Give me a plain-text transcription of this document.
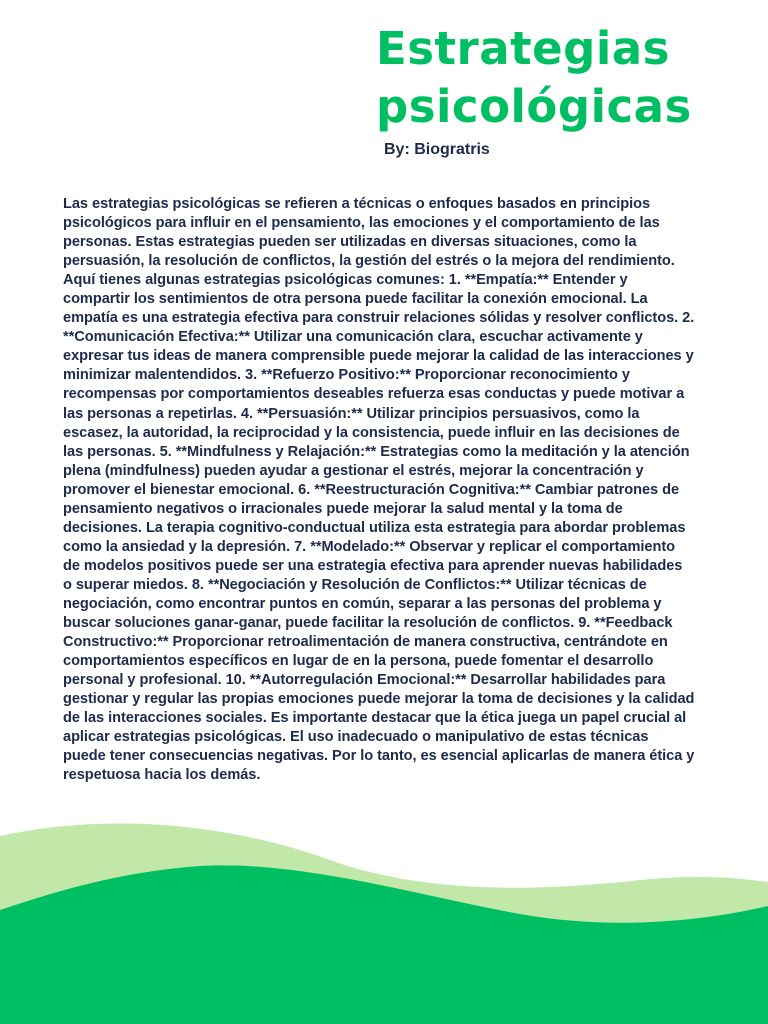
Estrategias
psicológicas
By: Biogratris

Las estrategias psicológicas se refieren a técnicas o enfoques basados en principios psicológicos para influir en el pensamiento, las emociones y el comportamiento de las personas. Estas estrategias pueden ser utilizadas en diversas situaciones, como la persuasión, la resolución de conflictos, la gestión del estrés o la mejora del rendimiento. Aquí tienes algunas estrategias psicológicas comunes: 1. **Empatía:** Entender y compartir los sentimientos de otra persona puede facilitar la conexión emocional. La empatía es una estrategia efectiva para construir relaciones sólidas y resolver conflictos. 2. **Comunicación Efectiva:** Utilizar una comunicación clara, escuchar activamente y expresar tus ideas de manera comprensible puede mejorar la calidad de las interacciones y minimizar malentendidos. 3. **Refuerzo Positivo:** Proporcionar reconocimiento y recompensas por comportamientos deseables refuerza esas conductas y puede motivar a las personas a repetirlas. 4. **Persuasión:** Utilizar principios persuasivos, como la escasez, la autoridad, la reciprocidad y la consistencia, puede influir en las decisiones de las personas. 5. **Mindfulness y Relajación:** Estrategias como la meditación y la atención plena (mindfulness) pueden ayudar a gestionar el estrés, mejorar la concentración y promover el bienestar emocional. 6. **Reestructuración Cognitiva:** Cambiar patrones de pensamiento negativos o irracionales puede mejorar la salud mental y la toma de decisiones. La terapia cognitivo-conductual utiliza esta estrategia para abordar problemas como la ansiedad y la depresión. 7. **Modelado:** Observar y replicar el comportamiento de modelos positivos puede ser una estrategia efectiva para aprender nuevas habilidades o superar miedos. 8. **Negociación y Resolución de Conflictos:** Utilizar técnicas de negociación, como encontrar puntos en común, separar a las personas del problema y buscar soluciones ganar-ganar, puede facilitar la resolución de conflictos. 9. **Feedback Constructivo:** Proporcionar retroalimentación de manera constructiva, centrándote en comportamientos específicos en lugar de en la persona, puede fomentar el desarrollo personal y profesional. 10. **Autorregulación Emocional:** Desarrollar habilidades para gestionar y regular las propias emociones puede mejorar la toma de decisiones y la calidad de las interacciones sociales. Es importante destacar que la ética juega un papel crucial al aplicar estrategias psicológicas. El uso inadecuado o manipulativo de estas técnicas puede tener consecuencias negativas. Por lo tanto, es esencial aplicarlas de manera ética y respetuosa hacia los demás.
